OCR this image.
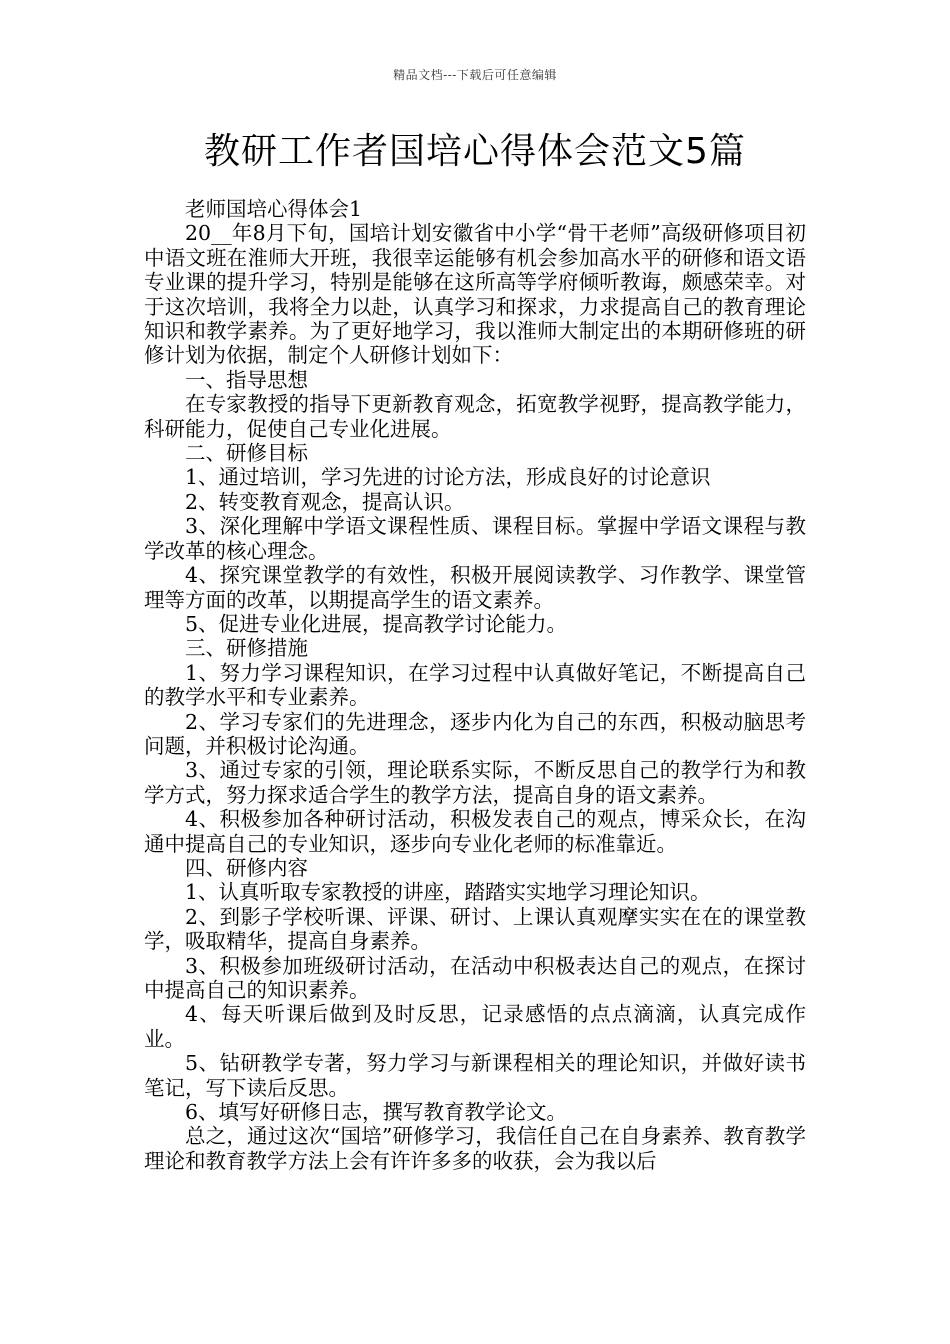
精品文档---下载后可任意编辑
教研工作者国培心得体会范文5篇

老师国培心得体会1

20__年8月下旬，国培计划安徽省中小学“骨干老师”高级研修项目初中语文班在淮师大开班，我很幸运能够有机会参加高水平的研修和语文语专业课的提升学习，特别是能够在这所高等学府倾听教诲，颇感荣幸。对于这次培训，我将全力以赴，认真学习和探求，力求提高自己的教育理论知识和教学素养。为了更好地学习，我以淮师大制定出的本期研修班的研修计划为依据，制定个人研修计划如下：

一、指导思想

在专家教授的指导下更新教育观念，拓宽教学视野，提高教学能力，科研能力，促使自己专业化进展。

二、研修目标

1、通过培训，学习先进的讨论方法，形成良好的讨论意识

2、转变教育观念，提高认识。

3、深化理解中学语文课程性质、课程目标。掌握中学语文课程与教学改革的核心理念。

4、探究课堂教学的有效性，积极开展阅读教学、习作教学、课堂管理等方面的改革，以期提高学生的语文素养。

5、促进专业化进展，提高教学讨论能力。

三、研修措施

1、努力学习课程知识，在学习过程中认真做好笔记，不断提高自己的教学水平和专业素养。

2、学习专家们的先进理念，逐步内化为自己的东西，积极动脑思考问题，并积极讨论沟通。

3、通过专家的引领，理论联系实际，不断反思自己的教学行为和教学方式，努力探求适合学生的教学方法，提高自身的语文素养。

4、积极参加各种研讨活动，积极发表自己的观点，博采众长，在沟通中提高自己的专业知识，逐步向专业化老师的标准靠近。

四、研修内容

1、认真听取专家教授的讲座，踏踏实实地学习理论知识。

2、到影子学校听课、评课、研讨、上课认真观摩实实在在的课堂教学，吸取精华，提高自身素养。

3、积极参加班级研讨活动，在活动中积极表达自己的观点，在探讨中提高自己的知识素养。

4、每天听课后做到及时反思，记录感悟的点点滴滴，认真完成作业。

5、钻研教学专著，努力学习与新课程相关的理论知识，并做好读书笔记，写下读后反思。

6、填写好研修日志，撰写教育教学论文。

总之，通过这次“国培”研修学习，我信任自己在自身素养、教育教学理论和教育教学方法上会有许许多多的收获，会为我以后
